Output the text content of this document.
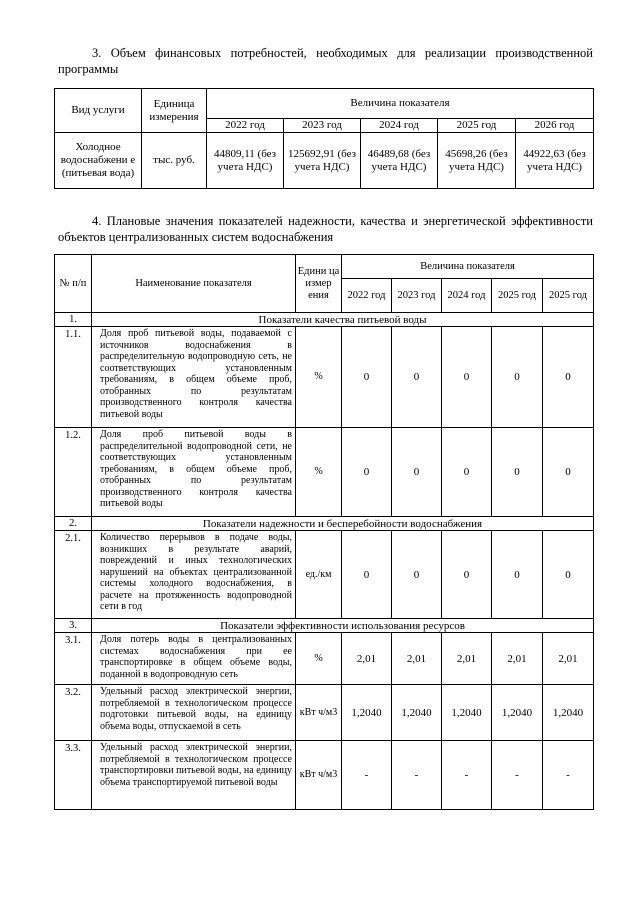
3. Объем финансовых потребностей, необходимых для реализации производственной программы
Вид услуги	Единица измерения	Величина показателя				
		2022 год	2023 год	2024 год	2025 год	2026 год
Холодное водоснабжени е (питьевая вода)	тыс. руб.	44809,11 (без учета НДС)	125692,91 (без учета НДС)	46489,68 (без учета НДС)	45698,26 (без учета НДС)	44922,63 (без учета НДС)
4. Плановые значения показателей надежности, качества и энергетической эффективности объектов централизованных систем водоснабжения
№ п/п	Наименование показателя	Едини ца измер ения	Величина показателя				
			2022 год	2023 год	2024 год	2025 год	2025 год
1.	Показатели качества питьевой воды						
1.1.	Доля проб питьевой воды, подаваемой с источников водоснабжения в распределительную водопроводную сеть, не соответствующих установленным требованиям, в общем объеме проб, отобранных по результатам производственного контроля качества питьевой воды	%	0	0	0	0	0
1.2.	Доля проб питьевой воды в распределительной водопроводной сети, не соответствующих установленным требованиям, в общем объеме проб, отобранных по результатам производственного контроля качества питьевой воды	%	0	0	0	0	0
2.	Показатели надежности и бесперебойности водоснабжения						
2.1.	Количество перерывов в подаче воды, возникших в результате аварий, повреждений и иных технологических нарушений на объектах централизованной системы холодного водоснабжения, в расчете на протяженность водопроводной сети в год	ед./км	0	0	0	0	0
3.	Показатели эффективности использования ресурсов						
3.1.	Доля потерь воды в централизованных системах водоснабжения при ее транспортировке в общем объеме воды, поданной в водопроводную сеть	%	2,01	2,01	2,01	2,01	2,01
3.2.	Удельный расход электрической энергии, потребляемой в технологическом процессе подготовки питьевой воды, на единицу объема воды, отпускаемой в сеть	кВт ч/м3	1,2040	1,2040	1,2040	1,2040	1,2040
3.3.	Удельный расход электрической энергии, потребляемой в технологическом процессе транспортировки питьевой воды, на единицу объема транспортируемой питьевой воды	кВт ч/м3	-	-	-	-	-
